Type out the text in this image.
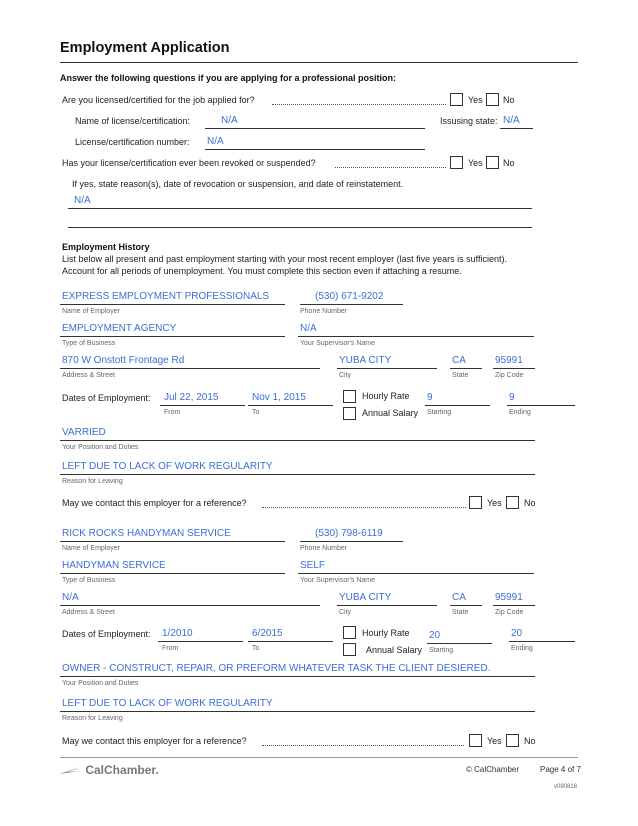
Employment Application
Answer the following questions if you are applying for a professional position:
Are you licensed/certified for the job applied for?	Yes No
Name of license/certification:	N/A	Issusing state: N/A
License/certification number: N/A
Has your license/certification ever been revoked or suspended?	Yes No
If yes, state reason(s), date of revocation or suspension, and date of reinstatement.
N/A
Employment History
List below all present and past employment starting with your most recent employer (last five years is sufficient).
Account for all periods of unemployment. You must complete this section even if attaching a resume.
EXPRESS EMPLOYMENT PROFESSIONALS
Name of Employer
(530) 671-9202
Phone Number
EMPLOYMENT AGENCY
Type of Business
N/A
Your Supervisor's Name
870 W Onstott Frontage Rd
Address & Street
YUBA CITY
City
CA
State
95991
Zip Code
Dates of Employment: Jul 22, 2015
From
Nov 1, 2015
To
Hourly Rate
Annual Salary
9
Starting
9
Ending
VARRIED
Your Position and Duties
LEFT DUE TO LACK OF WORK REGULARITY
Reason for Leaving
May we contact this employer for a reference?	Yes No
RICK ROCKS HANDYMAN SERVICE
Name of Employer
(530) 798-6119
Phone Number
HANDYMAN SERVICE
Type of Business
SELF
Your Supervisor's Name
N/A
Address & Street
YUBA CITY
City
CA
State
95991
Zip Code
Dates of Employment: 1/2010
From
6/2015
To
Hourly Rate
Annual Salary
20
Starting
20
Ending
OWNER - CONSTRUCT, REPAIR, OR PREFORM WHATEVER TASK THE CLIENT DESIERED.
Your Position and Duties
LEFT DUE TO LACK OF WORK REGULARITY
Reason for Leaving
May we contact this employer for a reference?	Yes No
CalChamber.	© CalChamber	Page 4 of 7
v090818
